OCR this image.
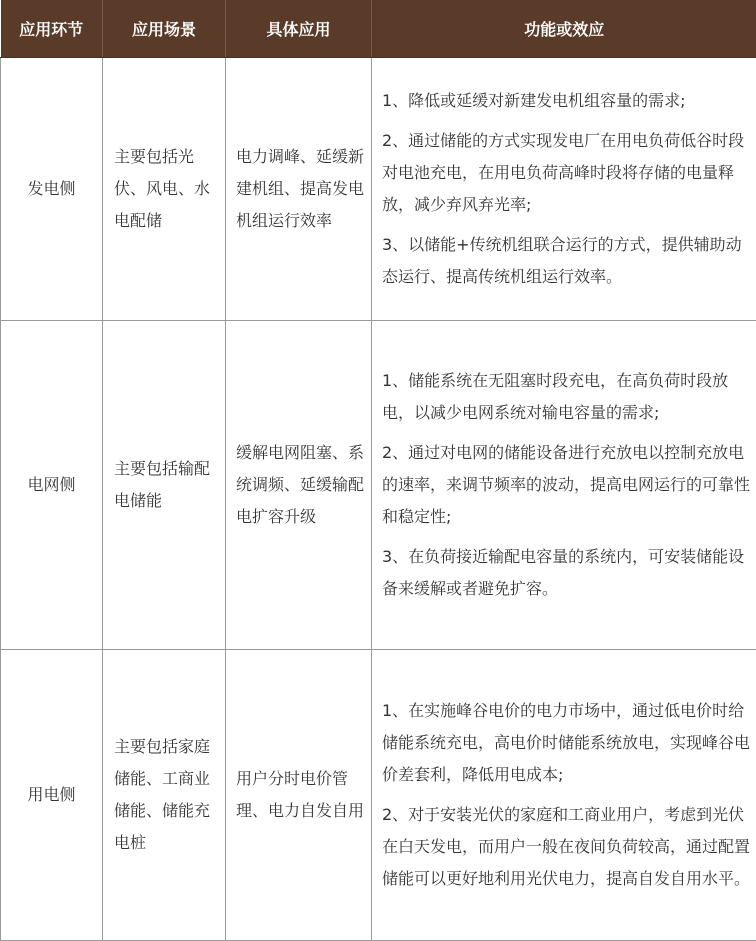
应用环节	应用场景	具体应用	功能或效应
发电侧	主要包括光伏、风电、水电配储	电力调峰、延缓新建机组、提高发电机组运行效率	1、降低或延缓对新建发电机组容量的需求;
2、通过储能的方式实现发电厂在用电负荷低谷时段对电池充电，在用电负荷高峰时段将存储的电量释放，减少弃风弃光率;
3、以储能+传统机组联合运行的方式，提供辅助动态运行、提高传统机组运行效率。

电网侧	主要包括输配电储能	缓解电网阻塞、系统调频、延缓输配电扩容升级	1、储能系统在无阻塞时段充电，在高负荷时段放电，以减少电网系统对输电容量的需求;
2、通过对电网的储能设备进行充放电以控制充放电的速率，来调节频率的波动，提高电网运行的可靠性和稳定性;
3、在负荷接近输配电容量的系统内，可安装储能设备来缓解或者避免扩容。

用电侧	主要包括家庭储能、工商业储能、储能充电桩	用户分时电价管理、电力自发自用	1、在实施峰谷电价的电力市场中，通过低电价时给储能系统充电，高电价时储能系统放电，实现峰谷电价差套利，降低用电成本;
2、对于安装光伏的家庭和工商业用户，考虑到光伏在白天发电，而用户一般在夜间负荷较高，通过配置储能可以更好地利用光伏电力，提高自发自用水平。
